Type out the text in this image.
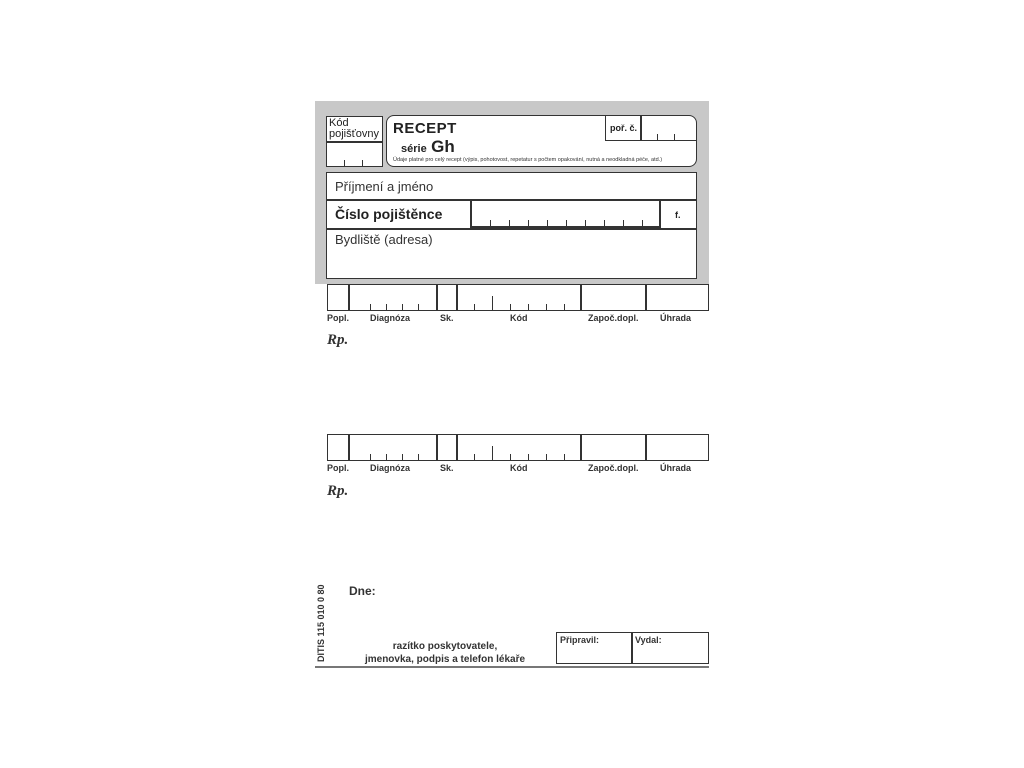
Kód pojišťovny RECEPT
série Gh
Údaje platné pro celý recept (výpis, pohotovost, repetatur s počtem opakování, nutná a neodkladná péče, atd.)
poř. č.
Příjmení a jméno
Číslo pojištěnce	f.
Bydliště (adresa)
Popl. Diagnóza	Sk.	Kód	Započ.dopl. Úhrada
Rp.
Popl. Diagnóza	Sk.	Kód	Započ.dopl. Úhrada
Rp.
DITIS 115 010 0 80 Dne:
razítko poskytovatele,
jmenovka, podpis a telefon lékaře
Připravil:	Vydal:
